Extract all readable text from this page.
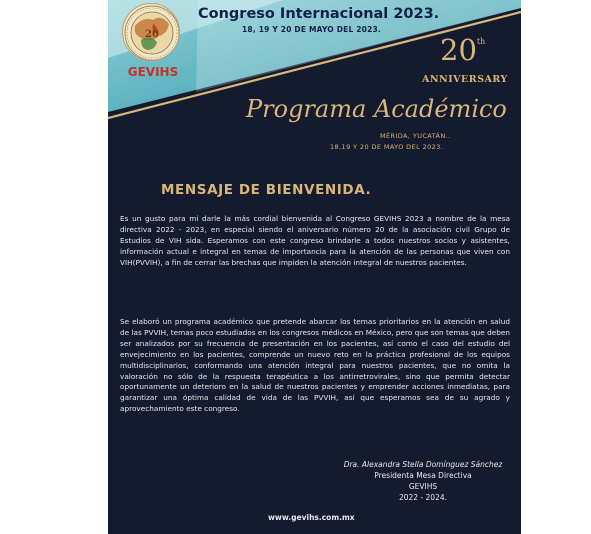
20
GEVIHS
Congreso Internacional 2023.
18, 19 Y 20 DE MAYO DEL 2023.
20th
ANNIVERSARY
Programa Académico
MÉRIDA, YUCATÁN..
18,19 Y 20 DE MAYO DEL 2023.
MENSAJE DE BIENVENIDA.

Es un gusto para mi darle la más cordial bienvenida al Congreso GEVIHS 2023 a nombre de la mesa directiva 2022 - 2023, en especial siendo el aniversario número 20 de la asociación civil Grupo de Estudios de VIH sida. Esperamos con este congreso brindarle a todos nuestros socios y asistentes, información actual e integral en temas de importancia para la atención de las personas que viven con VIH(PVVIH), a fin de cerrar las brechas que impiden la atención integral de nuestros pacientes.

Se elaboró un programa académico que pretende abarcar los temas prioritarios en la atención en salud de las PVVIH, temas poco estudiados en los congresos médicos en México, pero que son temas que deben ser analizados por su frecuencia de presentación en los pacientes, así como el caso del estudio del envejecimiento en los pacientes, comprende un nuevo reto en la práctica profesional de los equipos multidisciplinarios, conformando una atención integral para nuestros pacientes, que no omita la valoración no sólo de la respuesta terapéutica a los antirretrovirales, sino que permita detectar oportunamente un deterioro en la salud de nuestros pacientes y emprender acciones inmediatas, para garantizar una óptima calidad de vida de las PVVIH, así que esperamos sea de su agrado y aprovechamiento este congreso.

Dra. Alexandra Stella Domínguez Sánchez
Presidenta Mesa Directiva
GEVIHS
2022 - 2024.
www.gevihs.com.mx
